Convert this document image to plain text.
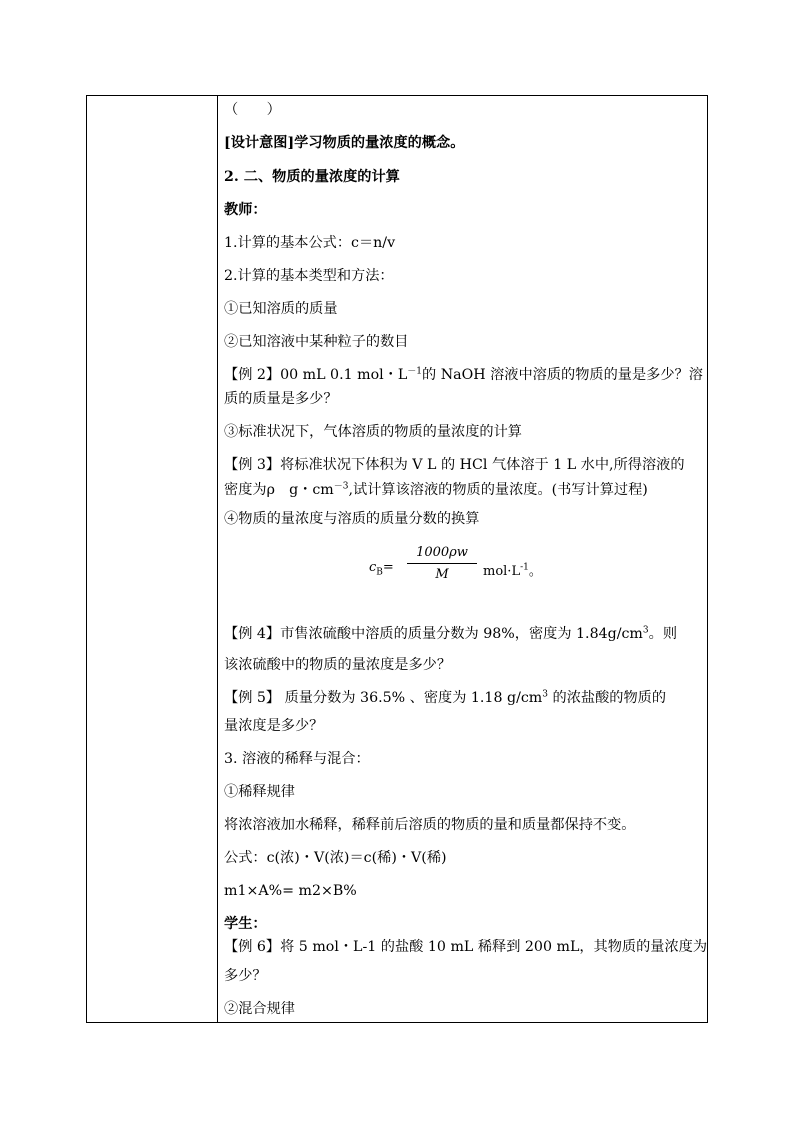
（　　）
[设计意图]学习物质的量浓度的概念。
2. 二、物质的量浓度的计算
教师：
1.计算的基本公式：c＝n/v
2.计算的基本类型和方法：
①已知溶质的质量
②已知溶液中某种粒子的数目
【例 2】00 mL 0.1 mol・$L^{-1}$的 NaOH 溶液中溶质的物质的量是多少？溶
质的质量是多少？
③标准状况下，气体溶质的物质的量浓度的计算
【例 3】将标准状况下体积为 V L 的 HCl 气体溶于 1 L 水中,所得溶液的
密度为ρ　g・$cm^{-3}$,试计算该溶液的物质的量浓度。(书写计算过程)
④物质的量浓度与溶质的质量分数的换算
$c_B=$
1000ρw
M	$mol\cdot L^{-1}$。
【例 4】市售浓硫酸中溶质的质量分数为 98%，密度为 $1.84g/cm^3$。则
该浓硫酸中的物质的量浓度是多少？
【例 5】 质量分数为 36.5% 、密度为 1.18 $g/cm^3$ 的浓盐酸的物质的
量浓度是多少？
3. 溶液的稀释与混合：
①稀释规律
将浓溶液加水稀释，稀释前后溶质的物质的量和质量都保持不变。
公式：c(浓)・V(浓)＝c(稀)・V(稀)
m1×A%= m2×B%
学生：
【例 6】将 5 mol・L-1 的盐酸 10 mL 稀释到 200 mL，其物质的量浓度为
多少？
②混合规律
